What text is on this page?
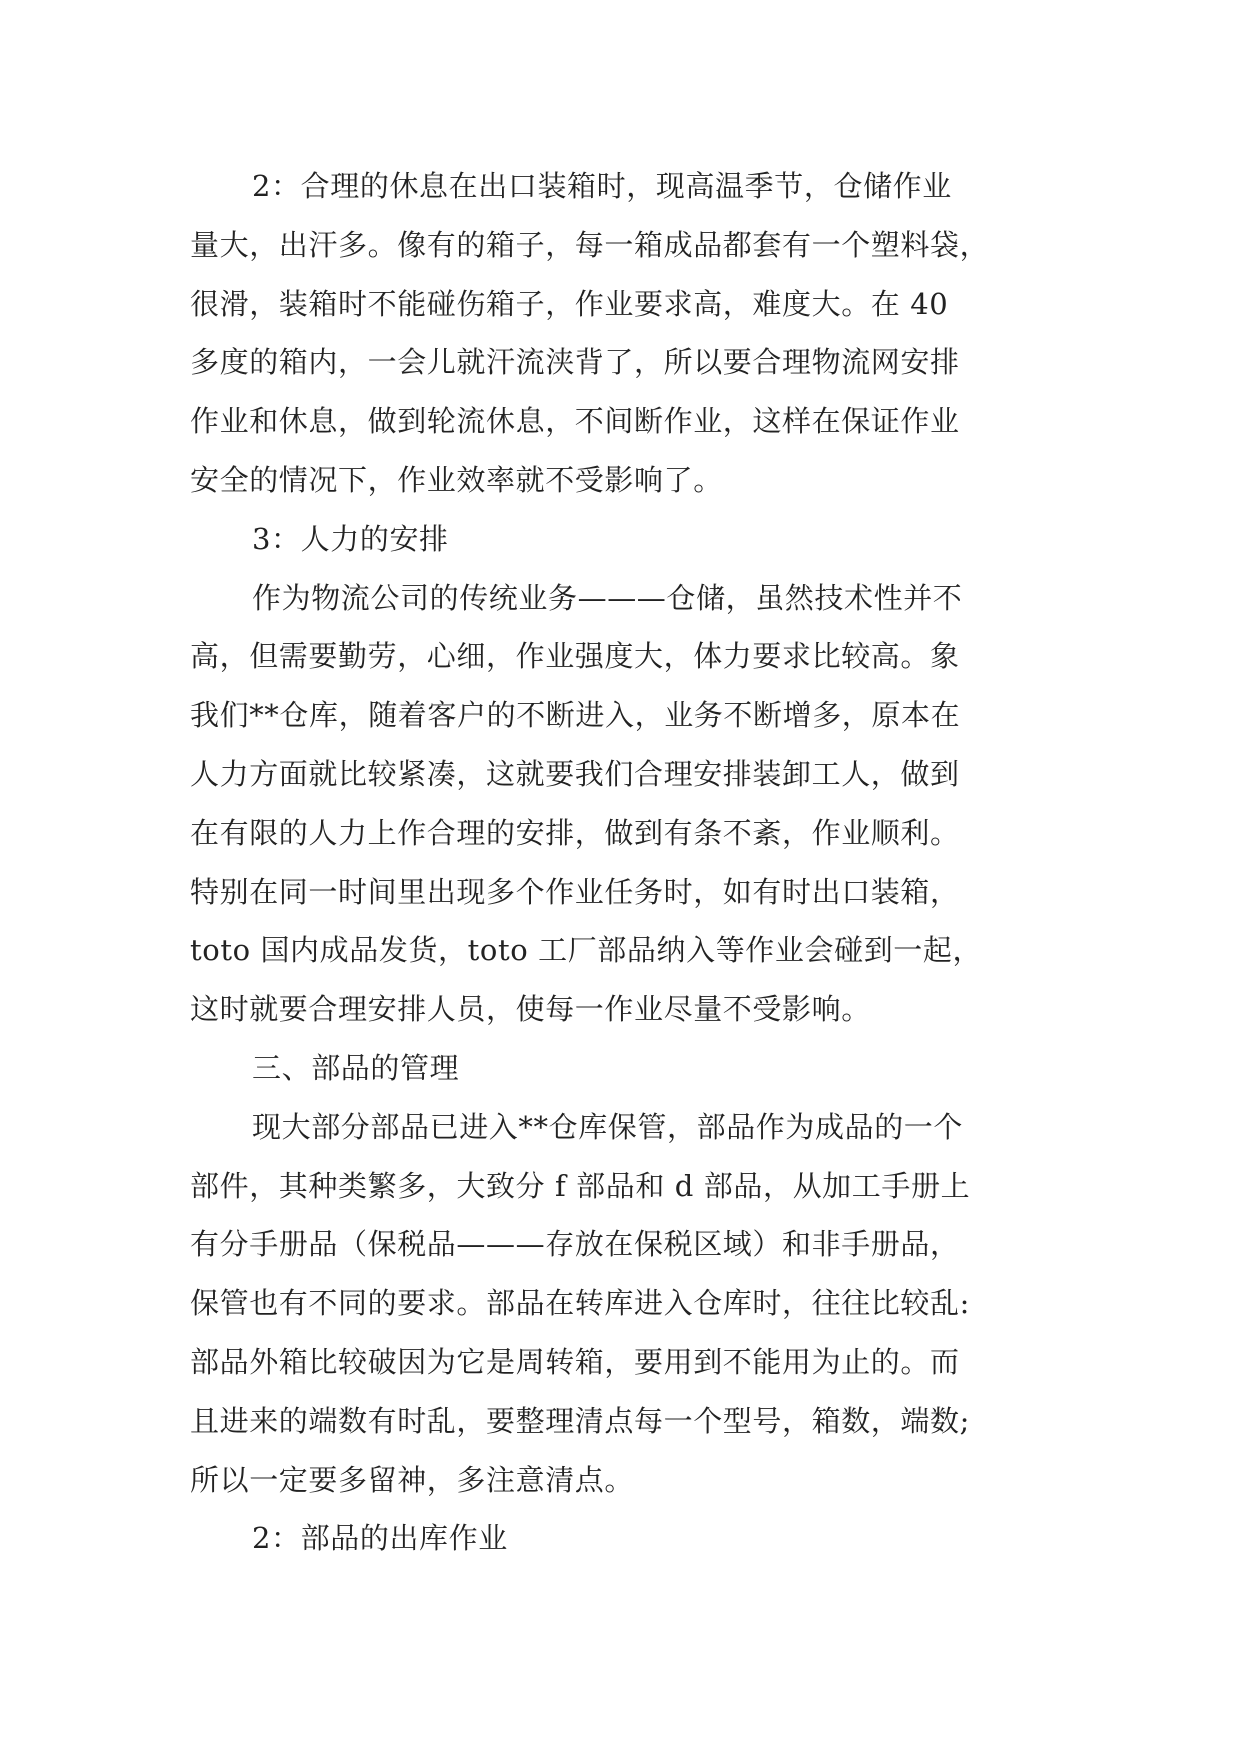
2：合理的休息在出口装箱时，现高温季节，仓储作业
量大，出汗多。像有的箱子，每一箱成品都套有一个塑料袋，
很滑，装箱时不能碰伤箱子，作业要求高，难度大。在 40
多度的箱内，一会儿就汗流浃背了，所以要合理物流网安排
作业和休息，做到轮流休息，不间断作业，这样在保证作业
安全的情况下，作业效率就不受影响了。
3：人力的安排
作为物流公司的传统业务———仓储，虽然技术性并不
高，但需要勤劳，心细，作业强度大，体力要求比较高。象
我们**仓库，随着客户的不断进入，业务不断增多，原本在
人力方面就比较紧凑，这就要我们合理安排装卸工人，做到
在有限的人力上作合理的安排，做到有条不紊，作业顺利。
特别在同一时间里出现多个作业任务时，如有时出口装箱，
toto 国内成品发货，toto 工厂部品纳入等作业会碰到一起，
这时就要合理安排人员，使每一作业尽量不受影响。
三、部品的管理
现大部分部品已进入**仓库保管，部品作为成品的一个
部件，其种类繁多，大致分 f 部品和 d 部品，从加工手册上
有分手册品（保税品———存放在保税区域）和非手册品，
保管也有不同的要求。部品在转库进入仓库时，往往比较乱:
部品外箱比较破因为它是周转箱，要用到不能用为止的。而
且进来的端数有时乱，要整理清点每一个型号，箱数，端数;
所以一定要多留神，多注意清点。
2：部品的出库作业
